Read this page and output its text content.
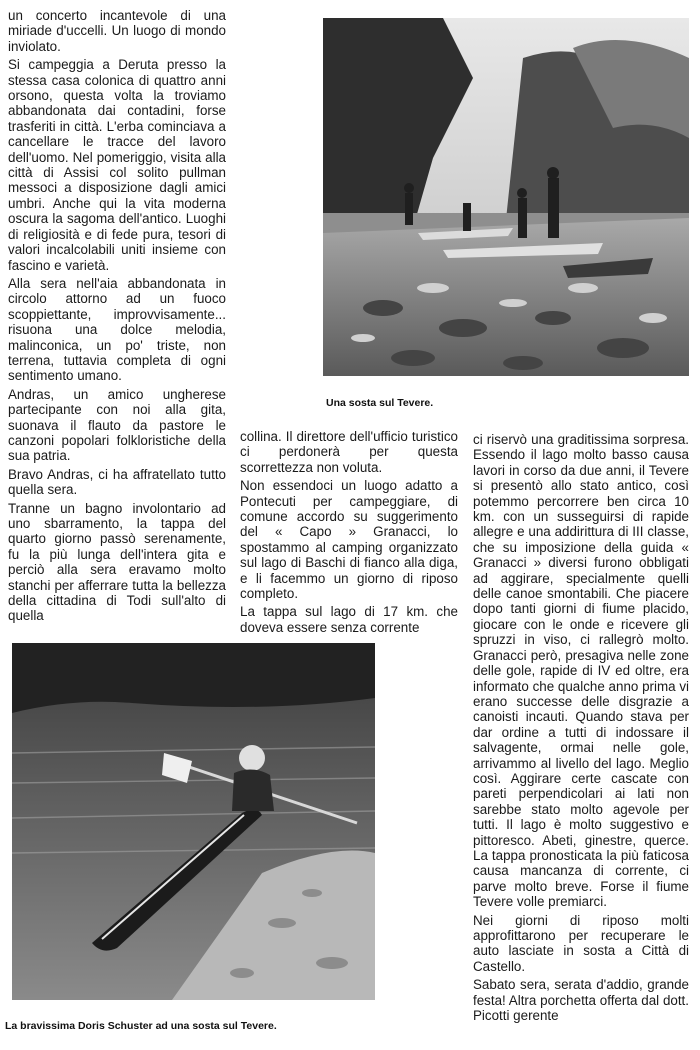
un concerto incantevole di una miriade d'uccelli. Un luogo di mondo inviolato.

Si campeggia a Deruta presso la stessa casa colonica di quattro anni orsono, questa volta la troviamo abbandonata dai contadini, forse trasferiti in città. L'erba cominciava a cancellare le tracce del lavoro dell'uomo. Nel pomeriggio, visita alla città di Assisi col solito pullman messoci a disposizione dagli amici umbri. Anche qui la vita moderna oscura la sagoma dell'antico. Luoghi di religiosità e di fede pura, tesori di valori incalcolabili uniti insieme con fascino e varietà.

Alla sera nell'aia abbandonata in circolo attorno ad un fuoco scoppiettante, improvvisamente... risuona una dolce melodia, malinconica, un po' triste, non terrena, tuttavia completa di ogni sentimento umano.

Andras, un amico ungherese partecipante con noi alla gita, suonava il flauto da pastore le canzoni popolari folkloristiche della sua patria.

Bravo Andras, ci ha affratellato tutto quella sera.

Tranne un bagno involontario ad uno sbarramento, la tappa del quarto giorno passò serenamente, fu la più lunga dell'intera gita e perciò alla sera eravamo molto stanchi per afferrare tutta la bellezza della cittadina di Todi sull'alto di quella

Una sosta sul Tevere.

collina. Il direttore dell'ufficio turistico ci perdonerà per questa scorrettezza non voluta.

Non essendoci un luogo adatto a Pontecuti per campeggiare, di comune accordo su suggerimento del « Capo » Granacci, lo spostammo al camping organizzato sul lago di Baschi di fianco alla diga, e li facemmo un giorno di riposo completo.

La tappa sul lago di 17 km. che doveva essere senza corrente

ci riservò una graditissima sorpresa. Essendo il lago molto basso causa lavori in corso da due anni, il Tevere si presentò allo stato antico, così potemmo percorrere ben circa 10 km. con un susseguirsi di rapide allegre e una addirittura di III classe, che su imposizione della guida « Granacci » diversi furono obbligati ad aggirare, specialmente quelli delle canoe smontabili. Che piacere dopo tanti giorni di fiume placido, giocare con le onde e ricevere gli spruzzi in viso, ci rallegrò molto. Granacci però, presagiva nelle zone delle gole, rapide di IV ed oltre, era informato che qualche anno prima vi erano successe delle disgrazie a canoisti incauti. Quando stava per dar ordine a tutti di indossare il salvagente, ormai nelle gole, arrivammo al livello del lago. Meglio così. Aggirare certe cascate con pareti perpendicolari ai lati non sarebbe stato molto agevole per tutti. Il lago è molto suggestivo e pittoresco. Abeti, ginestre, querce. La tappa pronosticata la più faticosa causa mancanza di corrente, ci parve molto breve. Forse il fiume Tevere volle premiarci.

Nei giorni di riposo molti approfittarono per recuperare le auto lasciate in sosta a Città di Castello.

Sabato sera, serata d'addio, grande festa! Altra porchetta offerta dal dott. Picotti gerente

La bravissima Doris Schuster ad una sosta sul Tevere.
